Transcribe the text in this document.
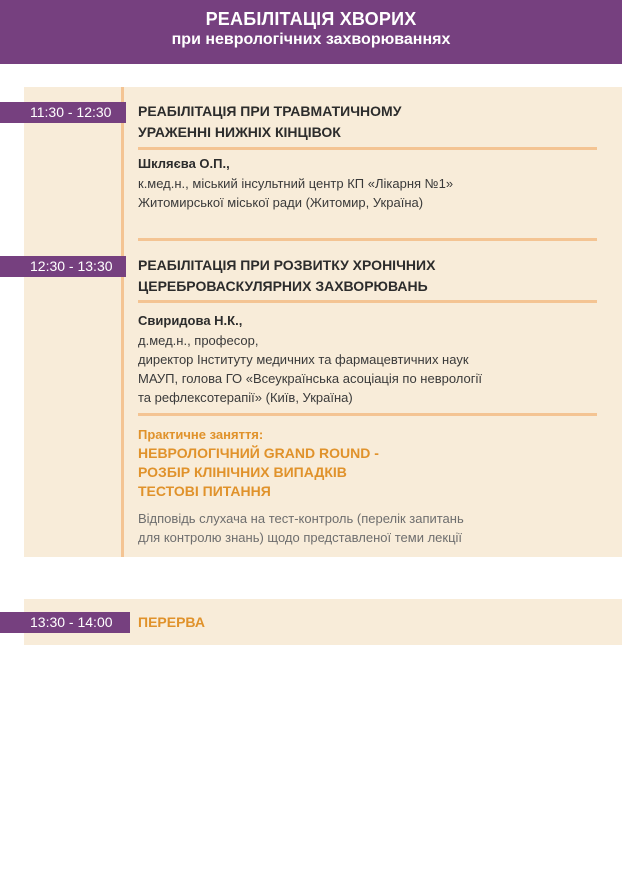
РЕАБІЛІТАЦІЯ ХВОРИХ
при неврологічних захворюваннях
11:30 - 12:30	РЕАБІЛІТАЦІЯ ПРИ ТРАВМАТИЧНОМУ
УРАЖЕННІ НИЖНІХ КІНЦІВОК
Шкляєва О.П.,
к.мед.н., міський інсультний центр КП «Лікарня №1»
Житомирської міської ради (Житомир, Україна)
12:30 - 13:30	РЕАБІЛІТАЦІЯ ПРИ РОЗВИТКУ ХРОНІЧНИХ
ЦЕРЕБРОВАСКУЛЯРНИХ ЗАХВОРЮВАНЬ
Свиридова Н.К.,
д.мед.н., професор,
директор Інституту медичних та фармацевтичних наук
МАУП, голова ГО «Всеукраїнська асоціація по неврології
та рефлексотерапії» (Київ, Україна)
Практичне заняття:
НЕВРОЛОГІЧНИЙ GRAND ROUND -
РОЗБІР КЛІНІЧНИХ ВИПАДКІВ
ТЕСТОВІ ПИТАННЯ
Відповідь слухача на тест-контроль (перелік запитань
для контролю знань) щодо представленої теми лекції
13:30 - 14:00	ПЕРЕРВА
